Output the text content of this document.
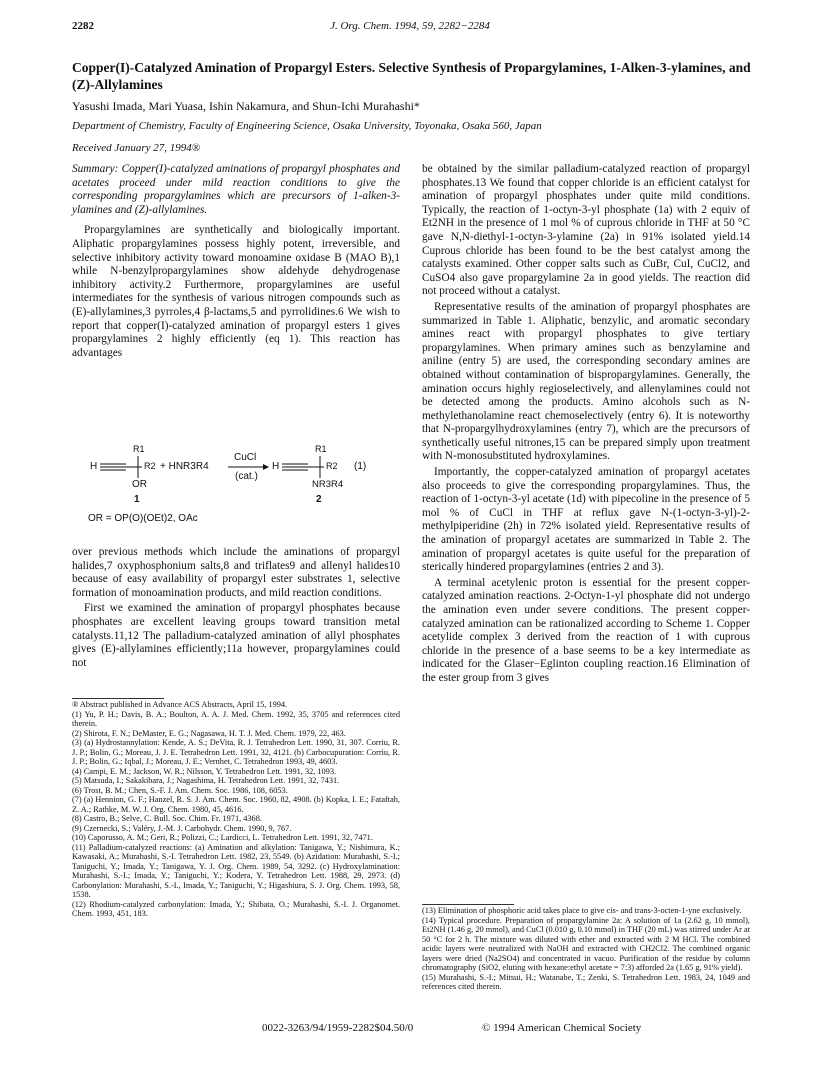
2282	J. Org. Chem. 1994, 59, 2282−2284
Copper(I)-Catalyzed Amination of Propargyl Esters. Selective Synthesis of Propargylamines, 1-Alken-3-ylamines, and (Z)-Allylamines
Yasushi Imada, Mari Yuasa, Ishin Nakamura, and Shun-Ichi Murahashi*
Department of Chemistry, Faculty of Engineering Science, Osaka University, Toyonaka, Osaka 560, Japan
Received January 27, 1994®

Summary: Copper(I)-catalyzed aminations of propargyl phosphates and acetates proceed under mild reaction conditions to give the corresponding propargylamines which are precursors of 1-alken-3-ylamines and (Z)-allylamines.

Propargylamines are synthetically and biologically important. Aliphatic propargylamines possess highly potent, irreversible, and selective inhibitory activity toward monoamine oxidase B (MAO B),1 while N-benzylpropargylamines show aldehyde dehydrogenase inhibitory activity.2 Furthermore, propargylamines are useful intermediates for the synthesis of various nitrogen compounds such as (E)-allylamines,3 pyrroles,4 β-lactams,5 and pyrrolidines.6 We wish to report that copper(I)-catalyzed amination of propargyl esters 1 gives propargylamines 2 highly efficiently (eq 1). This reaction has advantages

H
R1
R2
OR
+ HNR3R4
CuCl
(cat.)
H
R1
R2
NR3R4
(1)
1	2
OR = OP(O)(OEt)2, OAc

over previous methods which include the aminations of propargyl halides,7 oxyphosphonium salts,8 and triflates9 and allenyl halides10 because of easy availability of propargyl ester substrates 1, selective formation of monoamination products, and mild reaction conditions.

First we examined the amination of propargyl phosphates because phosphates are excellent leaving groups toward transition metal catalysts.11,12 The palladium-catalyzed amination of allyl phosphates gives (E)-allylamines efficiently;11a however, propargylamines could not

® Abstract published in Advance ACS Abstracts, April 15, 1994.
(1) Yu, P. H.; Davis, B. A.; Boulton, A. A. J. Med. Chem. 1992, 35, 3705 and references cited therein.
(2) Shirota, F. N.; DeMaster, E. G.; Nagasawa, H. T. J. Med. Chem. 1979, 22, 463.
(3) (a) Hydrostannylation: Kende, A. S.; DeVita, R. J. Tetrahedron Lett. 1990, 31, 307. Corriu, R. J. P.; Bolin, G.; Moreau, J. J. E. Tetrahedron Lett. 1991, 32, 4121. (b) Carbocupuration: Corriu, R. J. P.; Bolin, G.; Iqbal, J.; Moreau, J. E.; Vernhet, C. Tetrahedron 1993, 49, 4603.
(4) Campi, E. M.; Jackson, W. R.; Nilsson, Y. Tetrahedron Lett. 1991, 32, 1093.
(5) Matsuda, I.; Sakakibara, J.; Nagashima, H. Tetrahedron Lett. 1991, 32, 7431.
(6) Trost, B. M.; Chen, S.-F. J. Am. Chem. Soc. 1986, 108, 6053.
(7) (a) Hennion, G. F.; Hanzel, R. S. J. Am. Chem. Soc. 1960, 82, 4908. (b) Kopka, I. E.; Fataftah, Z. A.; Rathke, M. W. J. Org. Chem. 1980, 45, 4616.
(8) Castro, B.; Selve, C. Bull. Soc. Chim. Fr. 1971, 4368.
(9) Czernecki, S.; Valéry, J.-M. J. Carbohydr. Chem. 1990, 9, 767.
(10) Caporusso, A. M.; Geri, R.; Polizzi, C.; Lardicci, L. Tetrahedron Lett. 1991, 32, 7471.
(11) Palladium-catalyzed reactions: (a) Amination and alkylation: Tanigawa, Y.; Nishimura, K.; Kawasaki, A.; Murahashi, S.-I. Tetrahedron Lett. 1982, 23, 5549. (b) Azidation: Murahashi, S.-I.; Taniguchi, Y.; Imada, Y.; Tanigawa, Y. J. Org. Chem. 1989, 54, 3292. (c) Hydroxylamination: Murahashi, S.-I.; Imada, Y.; Taniguchi, Y.; Kodera, Y. Tetrahedron Lett. 1988, 29, 2973. (d) Carbonylation: Murahashi, S.-I., Imada, Y.; Taniguchi, Y.; Higashiura, S. J. Org. Chem. 1993, 58, 1538.
(12) Rhodium-catalyzed carbonylation: Imada, Y.; Shibata, O.; Murahashi, S.-I. J. Organomet. Chem. 1993, 451, 183.

be obtained by the similar palladium-catalyzed reaction of propargyl phosphates.13 We found that copper chloride is an efficient catalyst for amination of propargyl phosphates under quite mild conditions. Typically, the reaction of 1-octyn-3-yl phosphate (1a) with 2 equiv of Et2NH in the presence of 1 mol % of cuprous chloride in THF at 50 °C gave N,N-diethyl-1-octyn-3-ylamine (2a) in 91% isolated yield.14 Cuprous chloride has been found to be the best catalyst among the catalysts examined. Other copper salts such as CuBr, CuI, CuCl2, and CuSO4 also gave propargylamine 2a in good yields. The reaction did not proceed without a catalyst.

Representative results of the amination of propargyl phosphates are summarized in Table 1. Aliphatic, benzylic, and aromatic secondary amines react with propargyl phosphates to give tertiary propargylamines. When primary amines such as benzylamine and aniline (entry 5) are used, the corresponding secondary amines are obtained without contamination of bispropargylamines. Generally, the amination occurs highly regioselectively, and allenylamines could not be detected among the products. Amino alcohols such as N-methylethanolamine react chemoselectively (entry 6). It is noteworthy that N-propargylhydroxylamines (entry 7), which are the precursors of synthetically useful nitrones,15 can be prepared simply upon treatment with N-monosubstituted hydroxylamines.

Importantly, the copper-catalyzed amination of propargyl acetates also proceeds to give the corresponding propargylamines. Thus, the reaction of 1-octyn-3-yl acetate (1d) with pipecoline in the presence of 5 mol % of CuCl in THF at reflux gave N-(1-octyn-3-yl)-2-methylpiperidine (2h) in 72% isolated yield. Representative results of the amination of propargyl acetates are summarized in Table 2. The amination of propargyl acetates is quite useful for the preparation of sterically hindered propargylamines (entries 2 and 3).

A terminal acetylenic proton is essential for the present copper-catalyzed amination reactions. 2-Octyn-1-yl phosphate did not undergo the amination even under severe conditions. The present copper-catalyzed amination can be rationalized according to Scheme 1. Copper acetylide complex 3 derived from the reaction of 1 with cuprous chloride in the presence of a base seems to be a key intermediate as indicated for the Glaser−Eglinton coupling reaction.16 Elimination of the ester group from 3 gives

(13) Elimination of phosphoric acid takes place to give cis- and trans-3-octen-1-yne exclusively.
(14) Typical procedure. Preparation of propargylamine 2a: A solution of 1a (2.62 g, 10 mmol), Et2NH (1.46 g, 20 mmol), and CuCl (0.010 g, 0.10 mmol) in THF (20 mL) was stirred under Ar at 50 °C for 2 h. The mixture was diluted with ether and extracted with 2 M HCl. The combined acidic layers were neutralized with NaOH and extracted with CH2Cl2. The combined organic layers were dried (Na2SO4) and concentrated in vacuo. Purification of the residue by column chromatography (SiO2, eluting with hexane:ethyl acetate = 7:3) afforded 2a (1.65 g, 91% yield).
(15) Murahashi, S.-I.; Mitsui, H.; Watanabe, T.; Zenki, S. Tetrahedron Lett. 1983, 24, 1049 and references cited therein.
0022-3263/94/1959-2282$04.50/0	© 1994 American Chemical Society
